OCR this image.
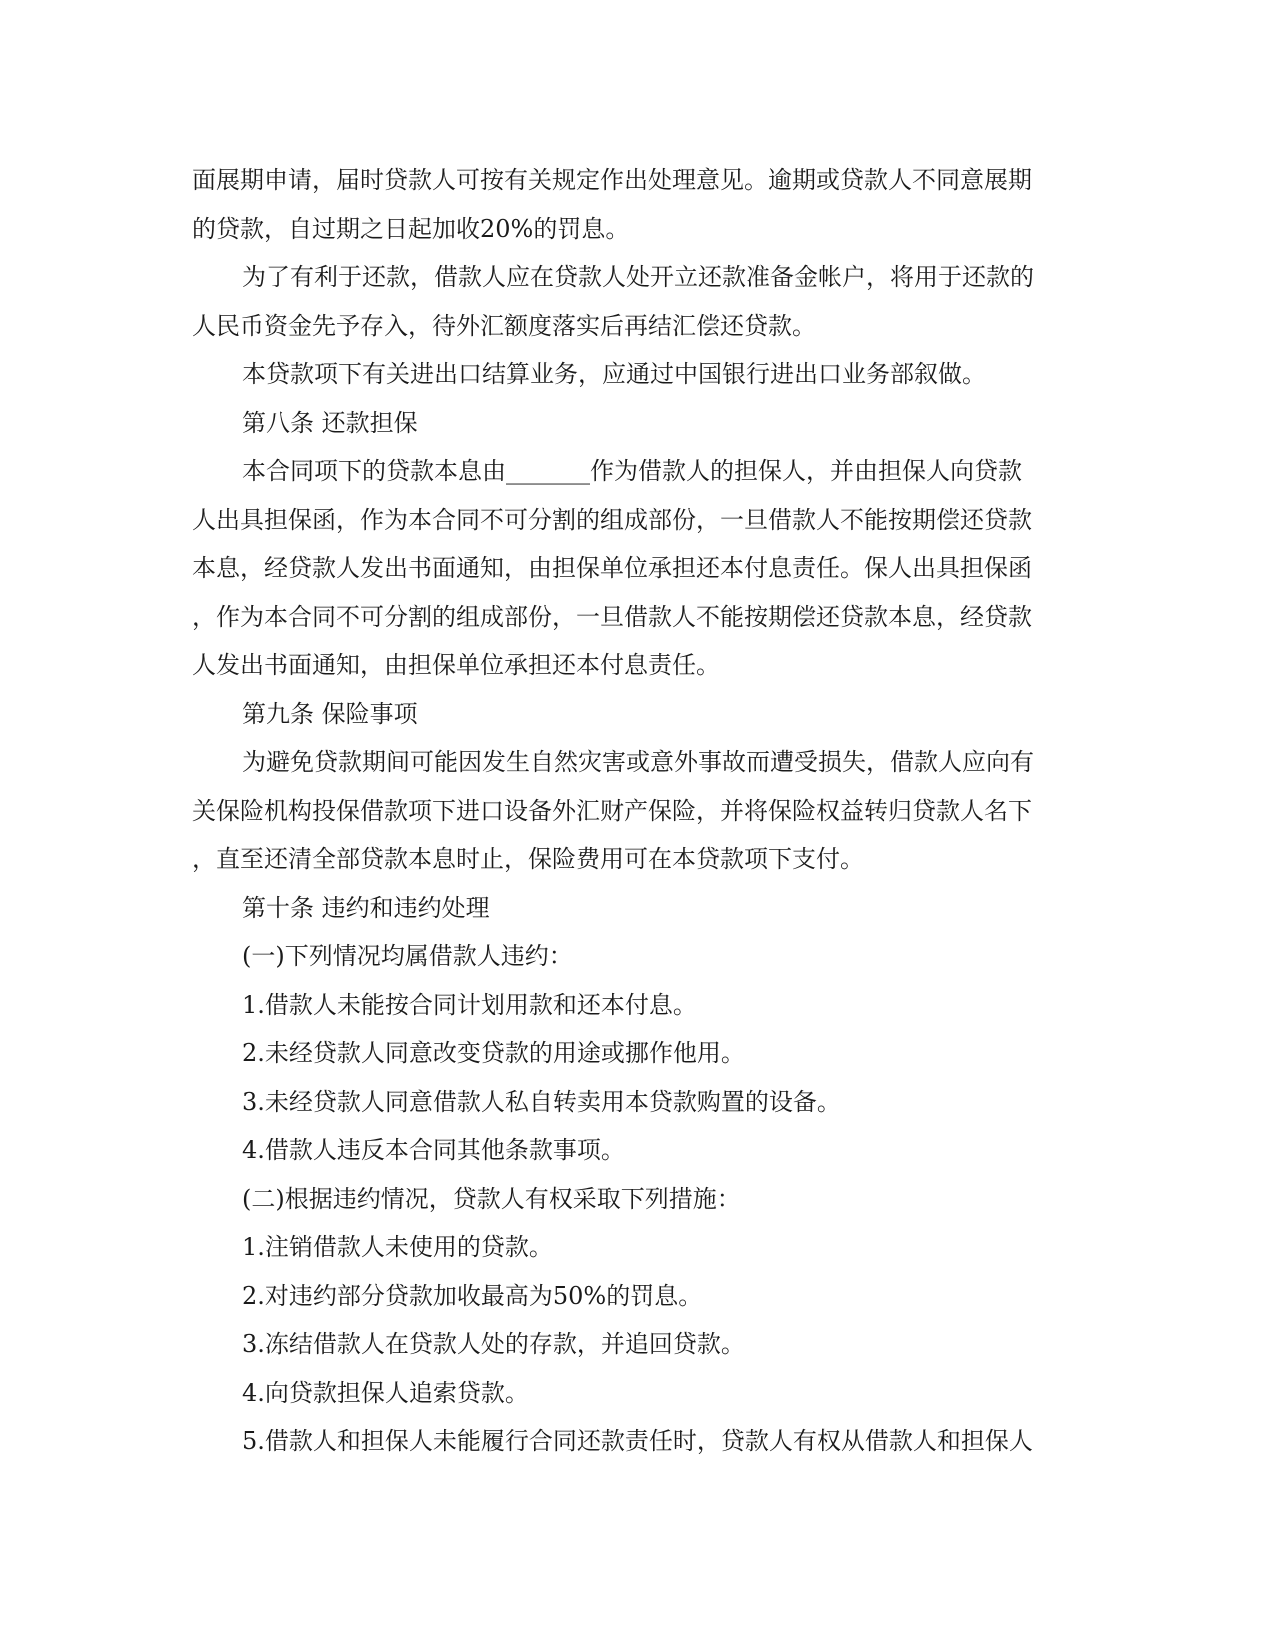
面展期申请，届时贷款人可按有关规定作出处理意见。逾期或贷款人不同意展期
的贷款，自过期之日起加收20%的罚息。
为了有利于还款，借款人应在贷款人处开立还款准备金帐户，将用于还款的
人民币资金先予存入，待外汇额度落实后再结汇偿还贷款。
本贷款项下有关进出口结算业务，应通过中国银行进出口业务部叙做。
第八条 还款担保
本合同项下的贷款本息由_______作为借款人的担保人，并由担保人向贷款
人出具担保函，作为本合同不可分割的组成部份，一旦借款人不能按期偿还贷款
本息，经贷款人发出书面通知，由担保单位承担还本付息责任。保人出具担保函
，作为本合同不可分割的组成部份，一旦借款人不能按期偿还贷款本息，经贷款
人发出书面通知，由担保单位承担还本付息责任。
第九条 保险事项
为避免贷款期间可能因发生自然灾害或意外事故而遭受损失，借款人应向有
关保险机构投保借款项下进口设备外汇财产保险，并将保险权益转归贷款人名下
，直至还清全部贷款本息时止，保险费用可在本贷款项下支付。
第十条 违约和违约处理
(一)下列情况均属借款人违约：
1.借款人未能按合同计划用款和还本付息。
2.未经贷款人同意改变贷款的用途或挪作他用。
3.未经贷款人同意借款人私自转卖用本贷款购置的设备。
4.借款人违反本合同其他条款事项。
(二)根据违约情况，贷款人有权采取下列措施：
1.注销借款人未使用的贷款。
2.对违约部分贷款加收最高为50%的罚息。
3.冻结借款人在贷款人处的存款，并追回贷款。
4.向贷款担保人追索贷款。
5.借款人和担保人未能履行合同还款责任时，贷款人有权从借款人和担保人
